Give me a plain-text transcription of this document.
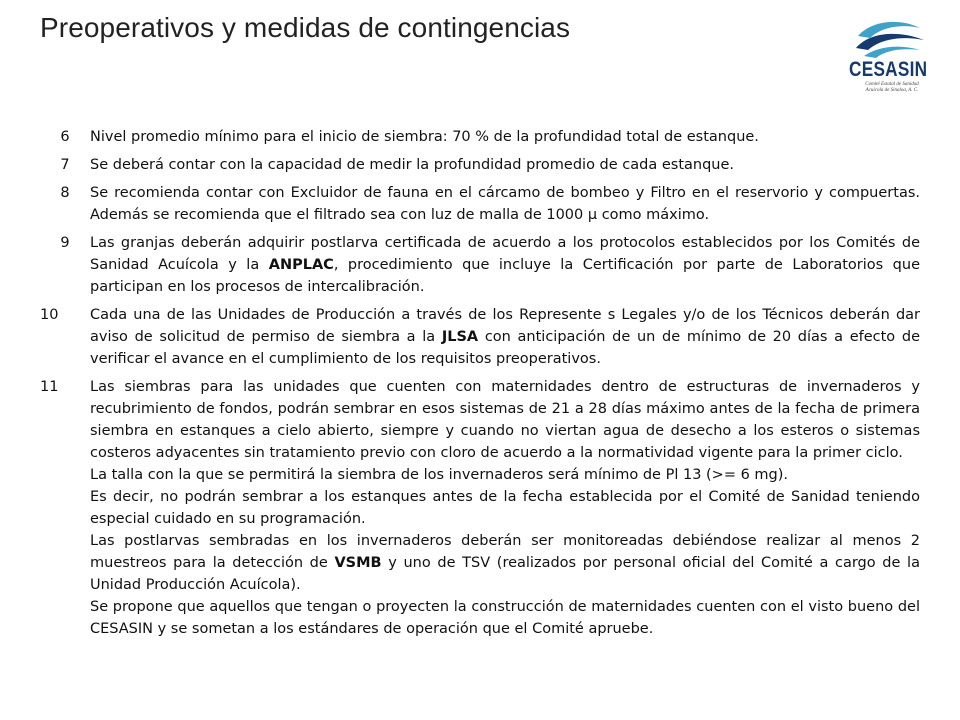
Preoperativos y medidas de contingencias
CESASIN
Comité Estatal de Sanidad Acuícola de Sinaloa, A. C.
6	Nivel promedio mínimo para el inicio de siembra: 70 % de la profundidad total de estanque.
7	Se deberá contar con la capacidad de medir la profundidad promedio de cada estanque.
8	Se recomienda contar con Excluidor de fauna en el cárcamo de bombeo y Filtro en el reservorio y compuertas. Además se recomienda que el filtrado sea con luz de malla de 1000 µ como máximo.
9	Las granjas deberán adquirir postlarva certificada de acuerdo a los protocolos establecidos por los Comités de Sanidad Acuícola y la ANPLAC, procedimiento que incluye la Certificación por parte de Laboratorios que participan en los procesos de intercalibración.
10	Cada una de las Unidades de Producción a través de los Represente s Legales y/o de los Técnicos deberán dar aviso de solicitud de permiso de siembra a la JLSA con anticipación de un de mínimo de 20 días a efecto de verificar el avance en el cumplimiento de los requisitos preoperativos.
11	Las siembras para las unidades que cuenten con maternidades dentro de estructuras de invernaderos y recubrimiento de fondos, podrán sembrar en esos sistemas de 21 a 28 días máximo antes de la fecha de primera siembra en estanques a cielo abierto, siempre y cuando no viertan agua de desecho a los esteros o sistemas costeros adyacentes sin tratamiento previo con cloro de acuerdo a la normatividad vigente para la primer ciclo.

La talla con la que se permitirá la siembra de los invernaderos será mínimo de Pl 13 (>= 6 mg).

Es decir, no podrán sembrar a los estanques antes de la fecha establecida por el Comité de Sanidad teniendo especial cuidado en su programación.

Las postlarvas sembradas en los invernaderos deberán ser monitoreadas debiéndose realizar al menos 2 muestreos para la detección de VSMB y uno de TSV (realizados por personal oficial del Comité a cargo de la Unidad Producción Acuícola).

Se propone que aquellos que tengan o proyecten la construcción de maternidades cuenten con el visto bueno del CESASIN y se sometan a los estándares de operación que el Comité apruebe.
